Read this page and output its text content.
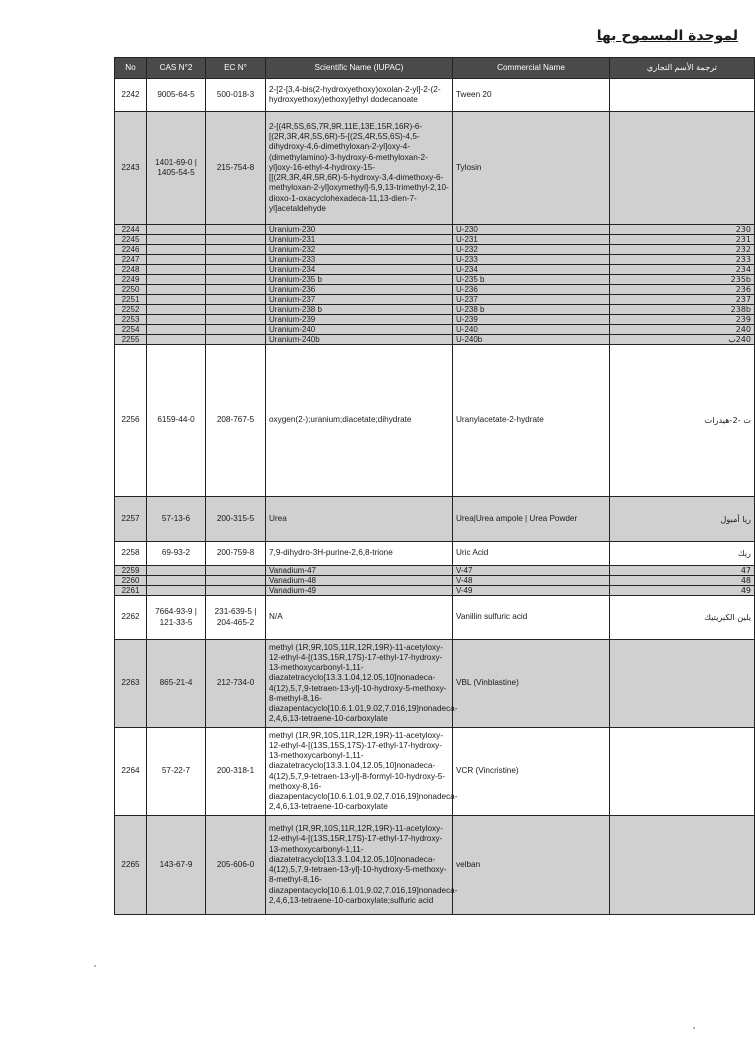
لموحدة المسموح بها
No	CAS N°2	EC N°	Scientific Name (IUPAC)	Commercial Name	ترجمة الأسم التجاري
2242	9005-64-5	500-018-3	2-[2-[3,4-bis(2-hydroxyethoxy)oxolan-2-yl]-2-(2-hydroxyethoxy)ethoxy]ethyl dodecanoate	Tween 20	
2243	1401-69-0 | 1405-54-5	215-754-8	2-[(4R,5S,6S,7R,9R,11E,13E,15R,16R)-6-[(2R,3R,4R,5S,6R)-5-[(2S,4R,5S,6S)-4,5-dihydroxy-4,6-dimethyloxan-2-yl]oxy-4-(dimethylamino)-3-hydroxy-6-methyloxan-2-yl]oxy-16-ethyl-4-hydroxy-15-[[(2R,3R,4R,5R,6R)-5-hydroxy-3,4-dimethoxy-6-methyloxan-2-yl]oxymethyl]-5,9,13-trimethyl-2,10-dioxo-1-oxacyclohexadeca-11,13-dien-7-yl]acetaldehyde	Tylosin	
2244			Uranium-230	U-230	230
2245			Uranium-231	U-231	231
2246			Uranium-232	U-232	232
2247			Uranium-233	U-233	233
2248			Uranium-234	U-234	234
2249			Uranium-235 b	U-235 b	235b
2250			Uranium-236	U-236	236
2251			Uranium-237	U-237	237
2252			Uranium-238 b	U-238 b	238b
2253			Uranium-239	U-239	239
2254			Uranium-240	U-240	240
2255			Uranium-240b	U-240b	240ب
2256	6159-44-0	208-767-5	oxygen(2-);uranium;diacetate;dihydrate	Uranylacetate-2-hydrate	ت -2-هيدرات
2257	57-13-6	200-315-5	Urea	Urea|Urea ampole | Urea Powder	ريا أمبول
2258	69-93-2	200-759-8	7,9-dihydro-3H-purine-2,6,8-trione	Uric Acid	ريك
2259			Vanadium-47	V-47	47
2260			Vanadium-48	V-48	48
2261			Vanadium-49	V-49	49
2262	7664-93-9 | 121-33-5	231-639-5 | 204-465-2	N/A	Vanillin sulfuric acid	يلين الكبريتيك
2263	865-21-4	212-734-0	methyl (1R,9R,10S,11R,12R,19R)-11-acetyloxy-12-ethyl-4-[(13S,15R,17S)-17-ethyl-17-hydroxy-13-methoxycarbonyl-1,11-diazatetracyclo[13.3.1.04,12.05,10]nonadeca-4(12),5,7,9-tetraen-13-yl]-10-hydroxy-5-methoxy-8-methyl-8,16-diazapentacyclo[10.6.1.01,9.02,7.016,19]nonadeca-2,4,6,13-tetraene-10-carboxylate	VBL (Vinblastine)	
2264	57-22-7	200-318-1	methyl (1R,9R,10S,11R,12R,19R)-11-acetyloxy-12-ethyl-4-[(13S,15S,17S)-17-ethyl-17-hydroxy-13-methoxycarbonyl-1,11-diazatetracyclo[13.3.1.04,12.05,10]nonadeca-4(12),5,7,9-tetraen-13-yl]-8-formyl-10-hydroxy-5-methoxy-8,16-diazapentacyclo[10.6.1.01,9.02,7.016,19]nonadeca-2,4,6,13-tetraene-10-carboxylate	VCR (Vincristine)	
2265	143-67-9	205-606-0	methyl (1R,9R,10S,11R,12R,19R)-11-acetyloxy-12-ethyl-4-[(13S,15R,17S)-17-ethyl-17-hydroxy-13-methoxycarbonyl-1,11-diazatetracyclo[13.3.1.04,12.05,10]nonadeca-4(12),5,7,9-tetraen-13-yl]-10-hydroxy-5-methoxy-8-methyl-8,16-diazapentacyclo[10.6.1.01,9.02,7.016,19]nonadeca-2,4,6,13-tetraene-10-carboxylate;sulfuric acid	velban	
